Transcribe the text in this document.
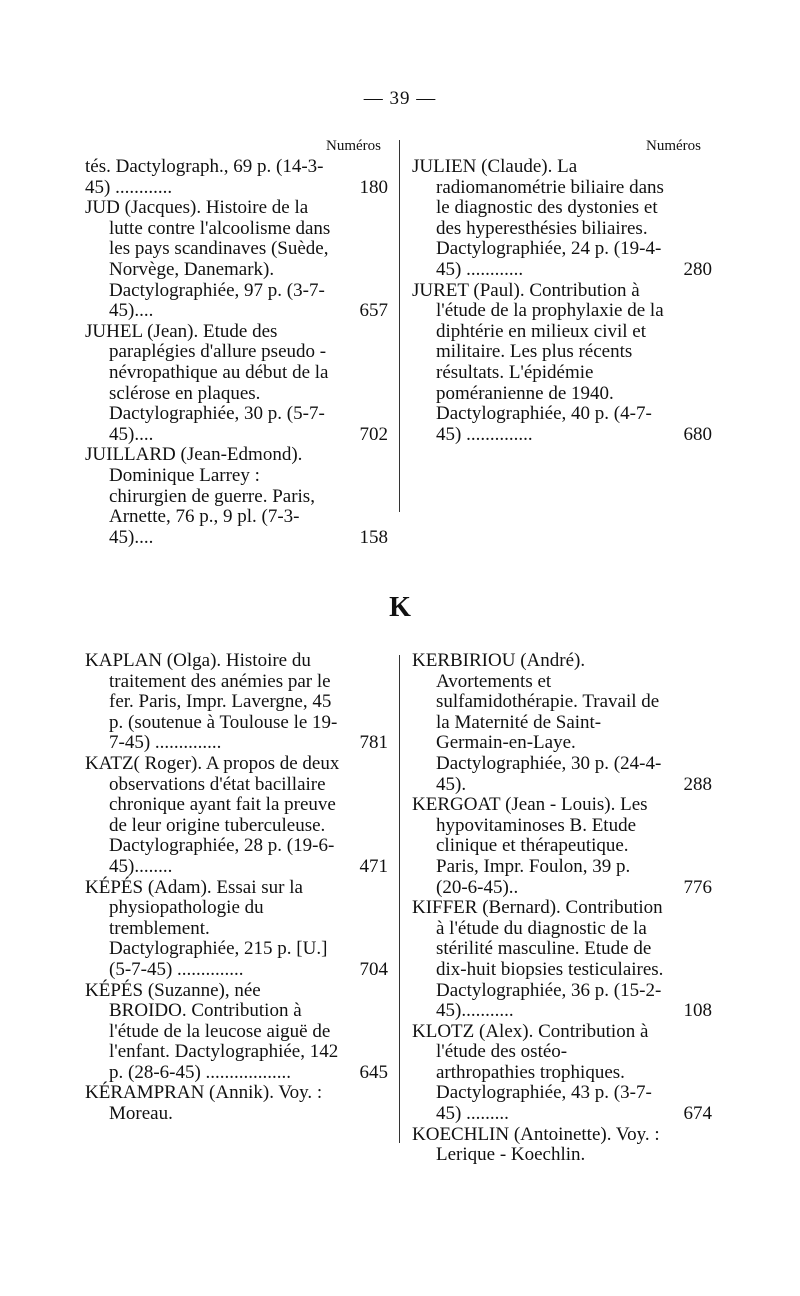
— 39 —
Numéros	Numéros
tés. Dactylograph., 69 p. (14-3-45) ............	180
JUD (Jacques). Histoire de la lutte contre l'alcoolisme dans les pays scandinaves (Suède, Norvège, Danemark). Dactylographiée, 97 p. (3-7-45)....	657
JUHEL (Jean). Etude des paraplégies d'allure pseudo - névropathique au début de la sclérose en plaques. Dactylographiée, 30 p. (5-7-45)....	702
JUILLARD (Jean-Edmond). Dominique Larrey : chirurgien de guerre. Paris, Arnette, 76 p., 9 pl. (7-3-45)....	158
JULIEN (Claude). La radiomanométrie biliaire dans le diagnostic des dystonies et des hyperesthésies biliaires. Dactylographiée, 24 p. (19-4-45) ............	280
JURET (Paul). Contribution à l'étude de la prophylaxie de la diphtérie en milieux civil et militaire. Les plus récents résultats. L'épidémie poméranienne de 1940. Dactylographiée, 40 p. (4-7-45) ..............	680
K
KAPLAN (Olga). Histoire du traitement des anémies par le fer. Paris, Impr. Lavergne, 45 p. (soutenue à Toulouse le 19-7-45) ..............	781
KATZ( Roger). A propos de deux observations d'état bacillaire chronique ayant fait la preuve de leur origine tuberculeuse. Dactylographiée, 28 p. (19-6-45)........	471
KÉPÉS (Adam). Essai sur la physiopathologie du tremblement. Dactylographiée, 215 p. [U.] (5-7-45) ..............	704
KÉPÉS (Suzanne), née BROIDO. Contribution à l'étude de la leucose aiguë de l'enfant. Dactylographiée, 142 p. (28-6-45) ..................	645
KÉRAMPRAN (Annik). Voy. : Moreau.
KERBIRIOU (André). Avortements et sulfamidothérapie. Travail de la Maternité de Saint-Germain-en-Laye. Dactylographiée, 30 p. (24-4-45).	288
KERGOAT (Jean - Louis). Les hypovitaminoses B. Etude clinique et thérapeutique. Paris, Impr. Foulon, 39 p. (20-6-45)..	776
KIFFER (Bernard). Contribution à l'étude du diagnostic de la stérilité masculine. Etude de dix-huit biopsies testiculaires. Dactylographiée, 36 p. (15-2-45)...........	108
KLOTZ (Alex). Contribution à l'étude des ostéo-arthropathies trophiques. Dactylographiée, 43 p. (3-7-45) .........	674
KOECHLIN (Antoinette). Voy. : Lerique - Koechlin.
